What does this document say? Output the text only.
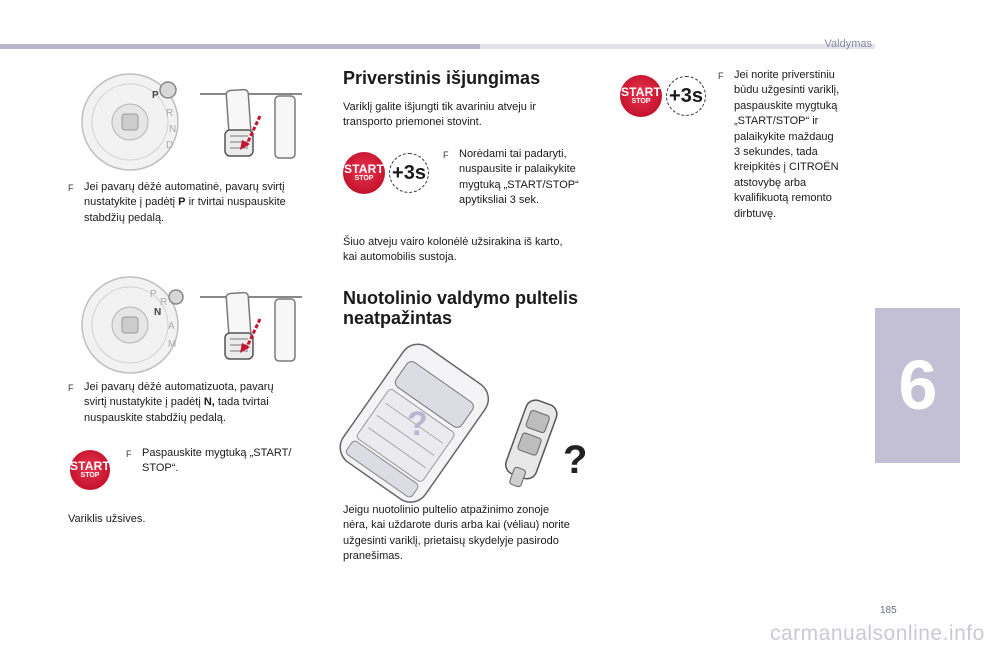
Valdymas
6
P
R
N
D
F Jei pavarų dėžė automatinė, pavarų svirtį
nustatykite į padėtį P ir tvirtai nuspauskite
stabdžių pedalą.
P
R
N
A
M
F Jei pavarų dėžė automatizuota, pavarų
svirtį nustatykite į padėtį N, tada tvirtai
nuspauskite stabdžių pedalą.
START
STOP
F Paspauskite mygtuką „START/
STOP“.
Variklis užsives.
Priverstinis išjungimas
Variklį galite išjungti tik avariniu atveju ir
transporto priemonei stovint.
START
STOP +3s
F Norėdami tai padaryti,
nuspausite ir palaikykite
mygtuką „START/STOP“
apytiksliai 3 sek.
Šiuo atveju vairo kolonėlė užsirakina iš karto,
kai automobilis sustoja.
Nuotolinio valdymo pultelis
neatpažintas
?
?
Jeigu nuotolinio pultelio atpažinimo zonoje
nėra, kai uždarote duris arba kai (vėliau) norite
užgesinti variklį, prietaisų skydelyje pasirodo
pranešimas.
START
STOP +3s
F Jei norite priverstiniu
būdu užgesinti variklį,
paspauskite mygtuką
„START/STOP“ ir
palaikykite maždaug
3 sekundes, tada
kreipkitės į CITROËN
atstovybę arba
kvalifikuotą remonto
dirbtuvę.
185
carmanualsonline.info
